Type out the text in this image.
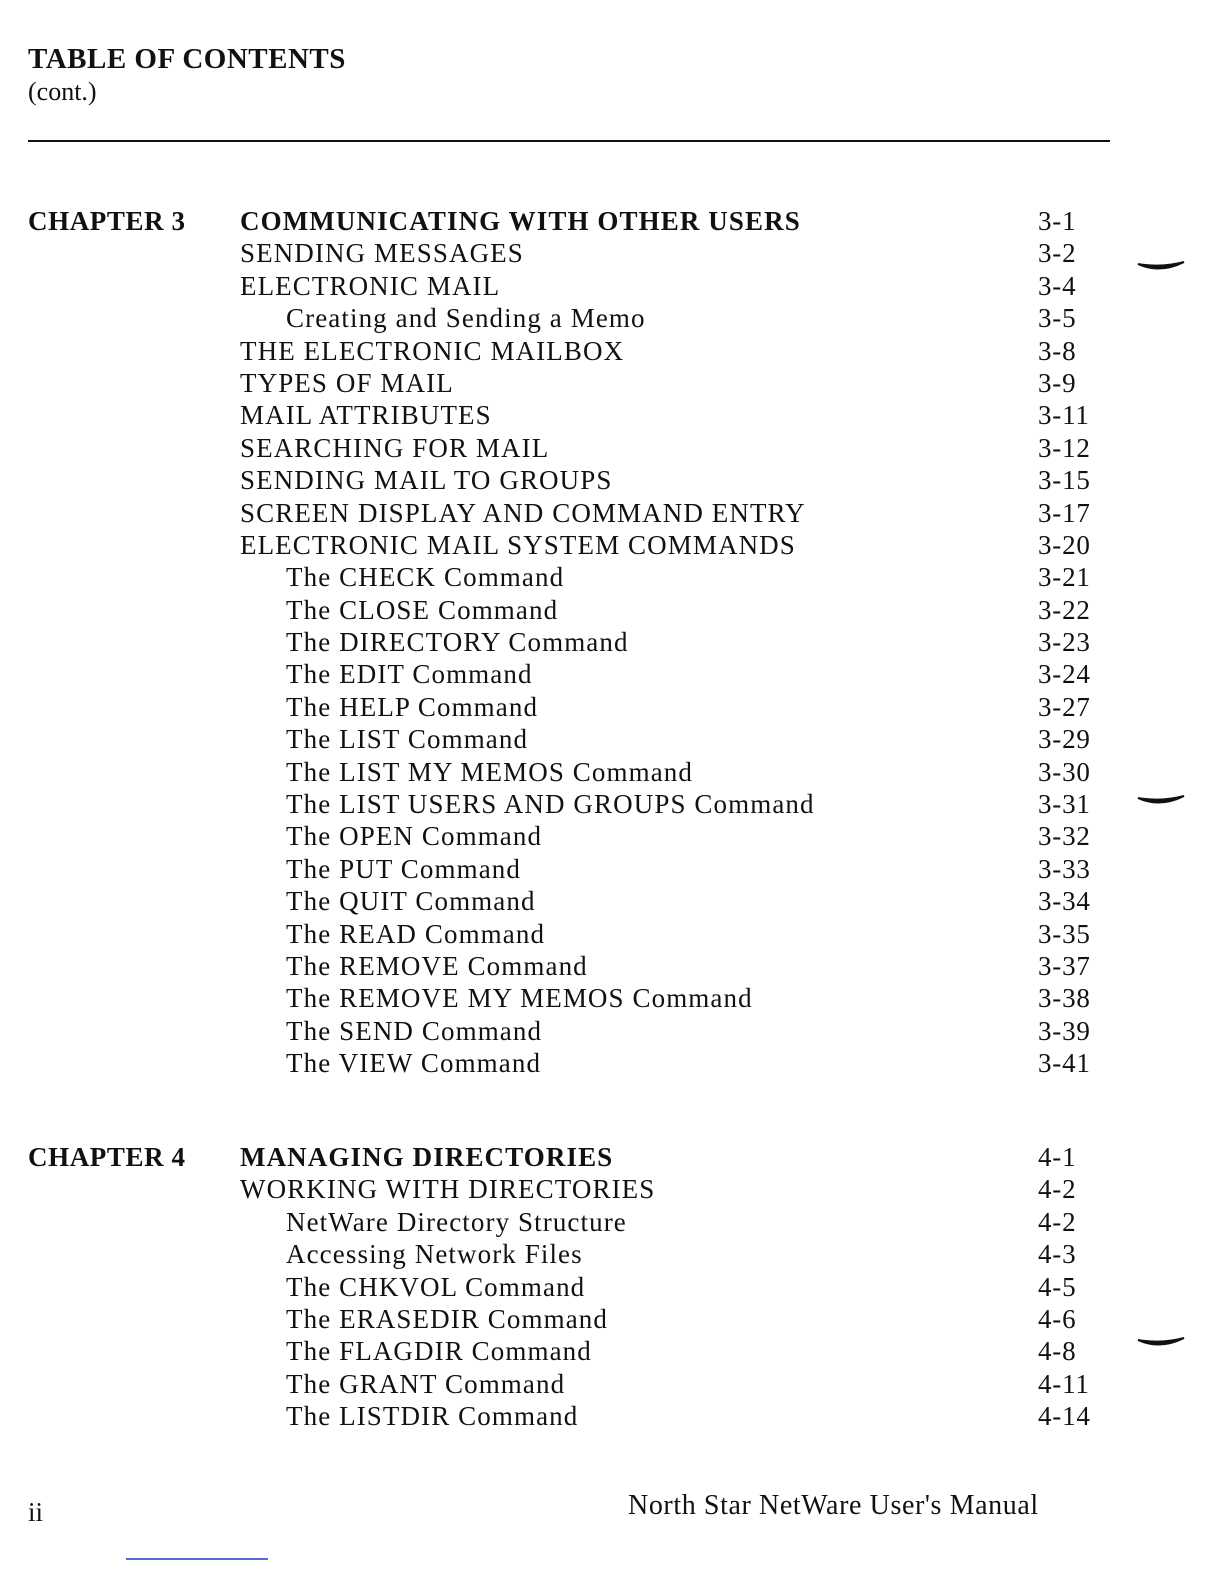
TABLE OF CONTENTS
(cont.)
CHAPTER 3 COMMUNICATING WITH OTHER USERS	3-1
SENDING MESSAGES	3-2
ELECTRONIC MAIL	3-4
Creating and Sending a Memo	3-5
THE ELECTRONIC MAILBOX	3-8
TYPES OF MAIL	3-9
MAIL ATTRIBUTES	3-11
SEARCHING FOR MAIL	3-12
SENDING MAIL TO GROUPS	3-15
SCREEN DISPLAY AND COMMAND ENTRY	3-17
ELECTRONIC MAIL SYSTEM COMMANDS	3-20
The CHECK Command	3-21
The CLOSE Command	3-22
The DIRECTORY Command	3-23
The EDIT Command	3-24
The HELP Command	3-27
The LIST Command	3-29
The LIST MY MEMOS Command	3-30
The LIST USERS AND GROUPS Command	3-31
The OPEN Command	3-32
The PUT Command	3-33
The QUIT Command	3-34
The READ Command	3-35
The REMOVE Command	3-37
The REMOVE MY MEMOS Command	3-38
The SEND Command	3-39
The VIEW Command	3-41
CHAPTER 4 MANAGING DIRECTORIES	4-1
WORKING WITH DIRECTORIES	4-2
NetWare Directory Structure	4-2
Accessing Network Files	4-3
The CHKVOL Command	4-5
The ERASEDIR Command	4-6
The FLAGDIR Command	4-8
The GRANT Command	4-11
The LISTDIR Command	4-14
ii	North Star NetWare User's Manual
